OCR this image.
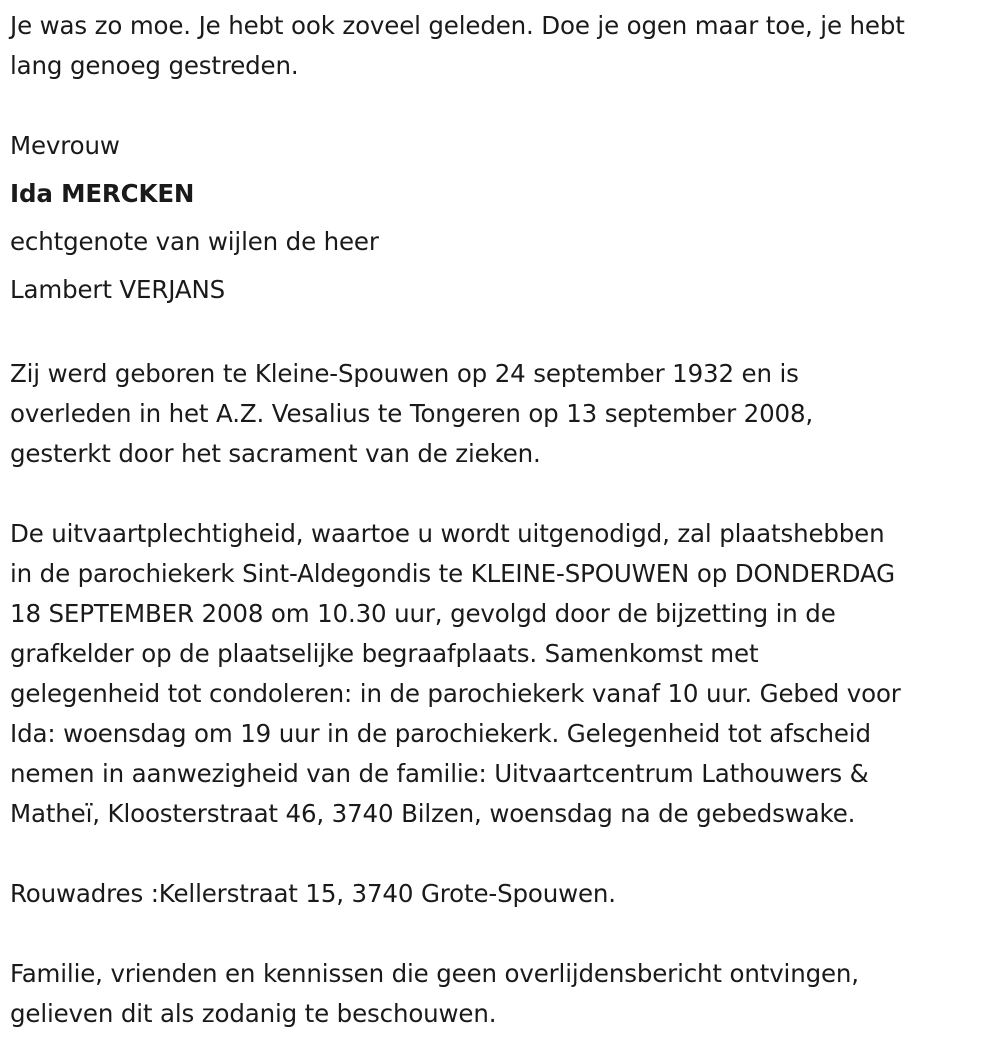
Je was zo moe. Je hebt ook zoveel geleden. Doe je ogen maar toe, je hebt
lang genoeg gestreden.

Mevrouw
Ida MERCKEN
echtgenote van wijlen de heer
Lambert VERJANS

Zij werd geboren te Kleine-Spouwen op 24 september 1932 en is
overleden in het A.Z. Vesalius te Tongeren op 13 september 2008,
gesterkt door het sacrament van de zieken.

De uitvaartplechtigheid, waartoe u wordt uitgenodigd, zal plaatshebben
in de parochiekerk Sint-Aldegondis te KLEINE-SPOUWEN op DONDERDAG
18 SEPTEMBER 2008 om 10.30 uur, gevolgd door de bijzetting in de
grafkelder op de plaatselijke begraafplaats. Samenkomst met
gelegenheid tot condoleren: in de parochiekerk vanaf 10 uur. Gebed voor
Ida: woensdag om 19 uur in de parochiekerk. Gelegenheid tot afscheid
nemen in aanwezigheid van de familie: Uitvaartcentrum Lathouwers &
Matheï, Kloosterstraat 46, 3740 Bilzen, woensdag na de gebedswake.

Rouwadres :Kellerstraat 15, 3740 Grote-Spouwen.

Familie, vrienden en kennissen die geen overlijdensbericht ontvingen,
gelieven dit als zodanig te beschouwen.
